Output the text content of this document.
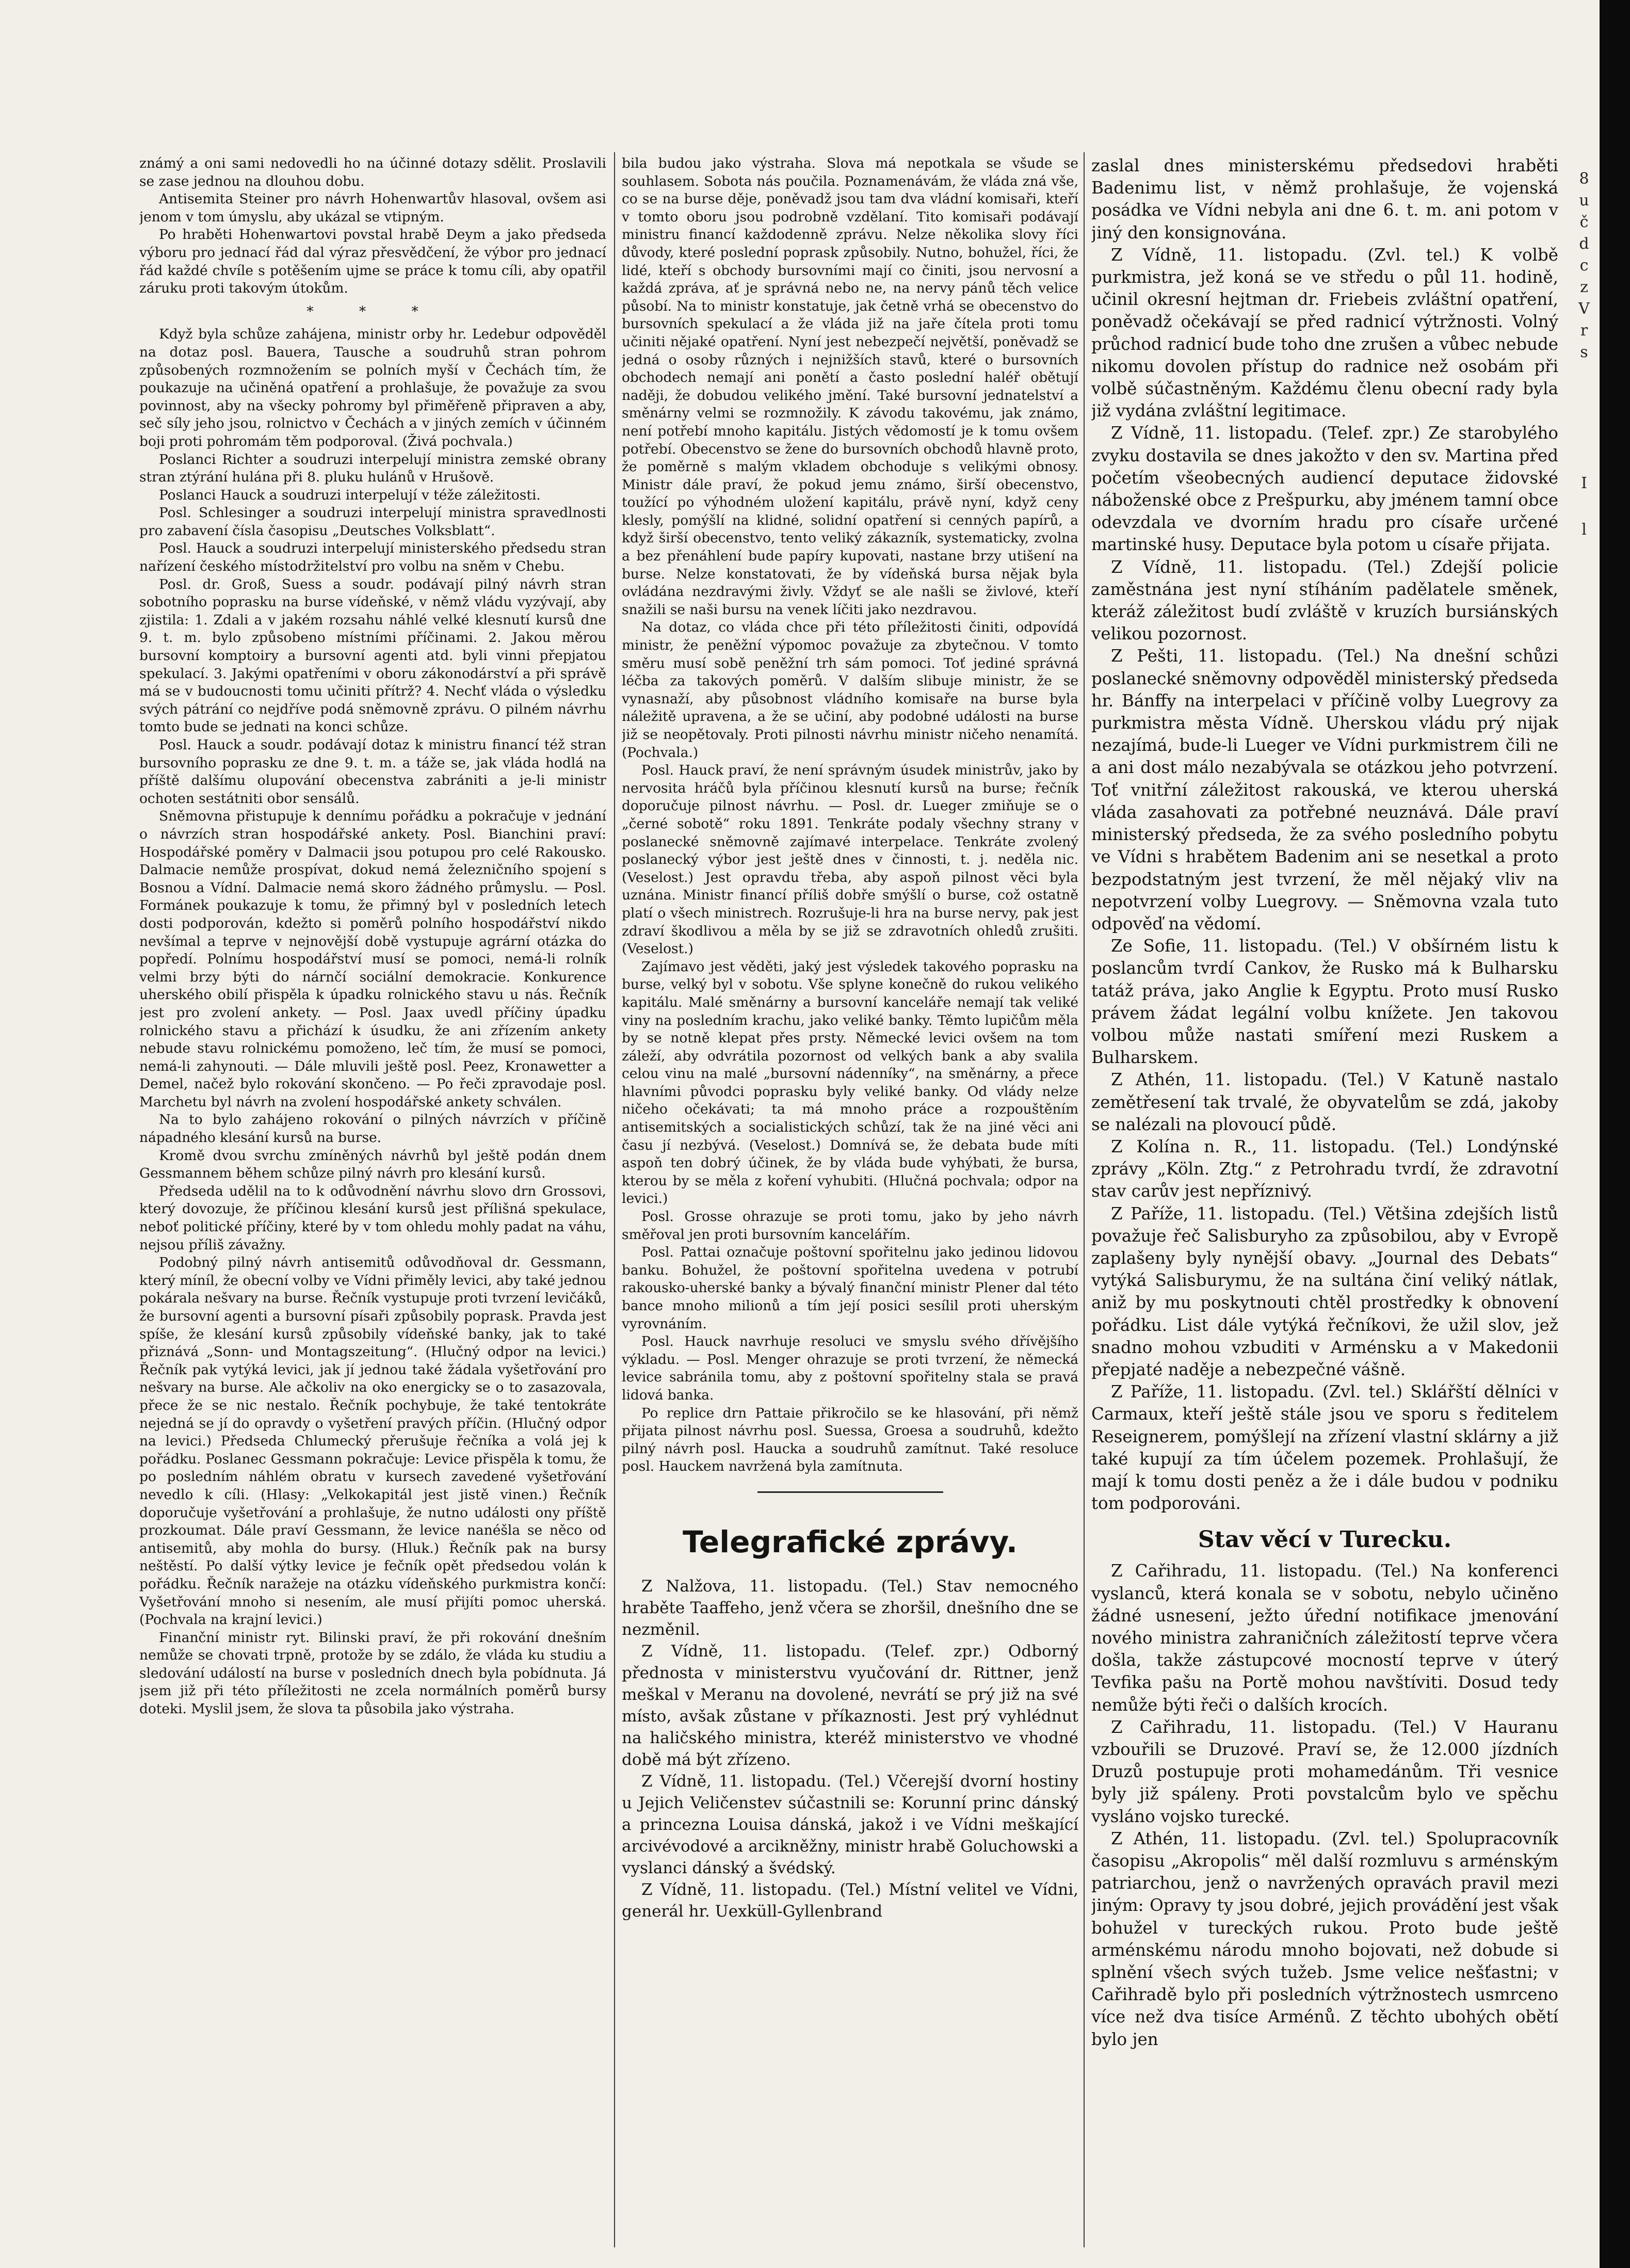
známý a oni sami nedovedli ho na účinné dotazy sdělit. Proslavili se zase jednou na dlouhou dobu.

Antisemita Steiner pro návrh Hohenwartův hlasoval, ovšem asi jenom v tom úmyslu, aby ukázal se vtipným.

Po hraběti Hohenwartovi povstal hrabě Deym a jako předseda výboru pro jednací řád dal výraz přesvědčení, že výbor pro jednací řád každé chvíle s potěšením ujme se práce k tomu cíli, aby opatřil záruku proti takovým útokům.

* * *

Když byla schůze zahájena, ministr orby hr. Ledebur odpověděl na dotaz posl. Bauera, Tausche a soudruhů stran pohrom způsobených rozmnožením se polních myší v Čechách tím, že poukazuje na učiněná opatření a prohlašuje, že považuje za svou povinnost, aby na všecky pohromy byl přiměřeně připraven a aby, seč síly jeho jsou, rolnictvo v Čechách a v jiných zemích v účinném boji proti pohromám těm podporoval. (Živá pochvala.)

Poslanci Richter a soudruzi interpelují ministra zemské obrany stran ztýrání hulána při 8. pluku hulánů v Hrušově.

Poslanci Hauck a soudruzi interpelují v téže záležitosti.

Posl. Schlesinger a soudruzi interpelují ministra spravedlnosti pro zabavení čísla časopisu „Deutsches Volksblatt“.

Posl. Hauck a soudruzi interpelují ministerského předsedu stran nařízení českého místodržitelství pro volbu na sněm v Chebu.

Posl. dr. Groß, Suess a soudr. podávají pilný návrh stran sobotního poprasku na burse vídeňské, v němž vládu vyzývají, aby zjistila: 1. Zdali a v jakém rozsahu náhlé velké klesnutí kursů dne 9. t. m. bylo způsobeno místními příčinami. 2. Jakou měrou bursovní komptoiry a bursovní agenti atd. byli vinni přepjatou spekulací. 3. Jakými opatřeními v oboru zákonodárství a při správě má se v budoucnosti tomu učiniti přítrž? 4. Nechť vláda o výsledku svých pátrání co nejdříve podá sněmovně zprávu. O pilném návrhu tomto bude se jednati na konci schůze.

Posl. Hauck a soudr. podávají dotaz k ministru financí též stran bursovního poprasku ze dne 9. t. m. a táže se, jak vláda hodlá na příště dalšímu olupování obecenstva zabrániti a je-li ministr ochoten sestátniti obor sensálů.

Sněmovna přistupuje k dennímu pořádku a pokračuje v jednání o návrzích stran hospodářské ankety. Posl. Bianchini praví: Hospodářské poměry v Dalmacii jsou potupou pro celé Rakousko. Dalmacie nemůže prospívat, dokud nemá železničního spojení s Bosnou a Vídní. Dalmacie nemá skoro žádného průmyslu. — Posl. Formánek poukazuje k tomu, že přimný byl v posledních letech dosti podporován, kdežto si poměrů polního hospodářství nikdo nevšímal a teprve v nejnovější době vystupuje agrární otázka do popředí. Polnímu hospodářství musí se pomoci, nemá-li rolník velmi brzy býti do nárnčí sociální demokracie. Konkurence uherského obilí přispěla k úpadku rolnického stavu u nás. Řečník jest pro zvolení ankety. — Posl. Jaax uvedl příčiny úpadku rolnického stavu a přichází k úsudku, že ani zřízením ankety nebude stavu rolnickému pomoženo, leč tím, že musí se pomoci, nemá-li zahynouti. — Dále mluvili ještě posl. Peez, Kronawetter a Demel, načež bylo rokování skončeno. — Po řeči zpravodaje posl. Marchetu byl návrh na zvolení hospodářské ankety schválen.

Na to bylo zahájeno rokování o pilných návrzích v příčině nápadného klesání kursů na burse.

Kromě dvou svrchu zmíněných návrhů byl ještě podán dnem Gessmannem během schůze pilný návrh pro klesání kursů.

Předseda udělil na to k odůvodnění návrhu slovo drn Grossovi, který dovozuje, že příčinou klesání kursů jest přílišná spekulace, neboť politické příčiny, které by v tom ohledu mohly padat na váhu, nejsou příliš závažny.

Podobný pilný návrh antisemitů odůvodňoval dr. Gessmann, který míníl, že obecní volby ve Vídni přiměly levici, aby také jednou pokárala nešvary na burse. Řečník vystupuje proti tvrzení levičáků, že bursovní agenti a bursovní písaři způsobily poprask. Pravda jest spíše, že klesání kursů způsobily vídeňské banky, jak to také přiznává „Sonn- und Montagszeitung“. (Hlučný odpor na levici.) Řečník pak vytýká levici, jak jí jednou také žádala vyšetřování pro nešvary na burse. Ale ačkoliv na oko energicky se o to zasazovala, přece že se nic nestalo. Řečník pochybuje, že také tentokráte nejedná se jí do opravdy o vyšetření pravých příčin. (Hlučný odpor na levici.) Předseda Chlumecký přerušuje řečníka a volá jej k pořádku. Poslanec Gessmann pokračuje: Levice přispěla k tomu, že po posledním náhlém obratu v kursech zavedené vyšetřování nevedlo k cíli. (Hlasy: „Velkokapitál jest jistě vinen.) Řečník doporučuje vyšetřování a prohlašuje, že nutno události ony příště prozkoumat. Dále praví Gessmann, že levice nanéšla se něco od antisemitů, aby mohla do bursy. (Hluk.) Řečník pak na bursy neštěstí. Po další výtky levice je fečník opět předsedou volán k pořádku. Řečník naražeje na otázku vídeňského purkmistra končí: Vyšetřování mnoho si nesením, ale musí přijíti pomoc uherská. (Pochvala na krajní levici.)

Finanční ministr ryt. Bilinski praví, že při rokování dnešním nemůže se chovati trpně, protože by se zdálo, že vláda ku studiu a sledování událostí na burse v posledních dnech byla pobídnuta. Já jsem již při této příležitosti ne zcela normálních poměrů bursy doteki. Myslil jsem, že slova ta působila jako výstraha.

bila budou jako výstraha. Slova má nepotkala se všude se souhlasem. Sobota nás poučila. Poznamenávám, že vláda zná vše, co se na burse děje, poněvadž jsou tam dva vládní komisaři, kteří v tomto oboru jsou podrobně vzdělaní. Tito komisaři podávají ministru financí každodenně zprávu. Nelze několika slovy říci důvody, které poslední poprask způsobily. Nutno, bohužel, říci, že lidé, kteří s obchody bursovními mají co činiti, jsou nervosní a každá zpráva, ať je správná nebo ne, na nervy pánů těch velice působí. Na to ministr konstatuje, jak četně vrhá se obecenstvo do bursovních spekulací a že vláda již na jaře čítela proti tomu učiniti nějaké opatření. Nyní jest nebezpečí největší, poněvadž se jedná o osoby různých i nejnižších stavů, které o bursovních obchodech nemají ani ponětí a často poslední haléř obětují naději, že dobudou velikého jmění. Také bursovní jednatelství a směnárny velmi se rozmnožily. K závodu takovému, jak známo, není potřebí mnoho kapitálu. Jistých vědomostí je k tomu ovšem potřebí. Obecenstvo se žene do bursovních obchodů hlavně proto, že poměrně s malým vkladem obchoduje s velikými obnosy. Ministr dále praví, že pokud jemu známo, širší obecenstvo, toužící po výhodném uložení kapitálu, právě nyní, když ceny klesly, pomýšlí na klidné, solidní opatření si cenných papírů, a když širší obecenstvo, tento veliký zákazník, systematicky, zvolna a bez přenáhlení bude papíry kupovati, nastane brzy utišení na burse. Nelze konstatovati, že by vídeňská bursa nějak byla ovládána nezdravými živly. Vždyť se ale našli se živlové, kteří snažili se naši bursu na venek líčiti jako nezdravou.

Na dotaz, co vláda chce při této příležitosti činiti, odpovídá ministr, že peněžní výpomoc považuje za zbytečnou. V tomto směru musí sobě peněžní trh sám pomoci. Toť jediné správná léčba za takových poměrů. V dalším slibuje ministr, že se vynasnaží, aby působnost vládního komisaře na burse byla náležitě upravena, a že se učiní, aby podobné události na burse již se neopětovaly. Proti pilnosti návrhu ministr ničeho nenamítá. (Pochvala.)

Posl. Hauck praví, že není správným úsudek ministrův, jako by nervosita hráčů byla příčinou klesnutí kursů na burse; řečník doporučuje pilnost návrhu. — Posl. dr. Lueger zmiňuje se o „černé sobotě“ roku 1891. Tenkráte podaly všechny strany v poslanecké sněmovně zajímavé interpelace. Tenkráte zvolený poslanecký výbor jest ještě dnes v činnosti, t. j. neděla nic. (Veselost.) Jest opravdu třeba, aby aspoň pilnost věci byla uznána. Ministr financí příliš dobře smýšlí o burse, což ostatně platí o všech ministrech. Rozrušuje-li hra na burse nervy, pak jest zdraví škodlivou a měla by se již se zdravotních ohledů zrušiti. (Veselost.)

Zajímavo jest věděti, jaký jest výsledek takového poprasku na burse, velký byl v sobotu. Vše splyne konečně do rukou velikého kapitálu. Malé směnárny a bursovní kanceláře nemají tak veliké viny na posledním krachu, jako veliké banky. Těmto lupičům měla by se notně klepat přes prsty. Německé levici ovšem na tom záleží, aby odvrátila pozornost od velkých bank a aby svalila celou vinu na malé „bursovní nádenníky“, na směnárny, a přece hlavními původci poprasku byly veliké banky. Od vlády nelze ničeho očekávati; ta má mnoho práce a rozpouštěním antisemitských a socialistických schůzí, tak že na jiné věci ani času jí nezbývá. (Veselost.) Domnívá se, že debata bude míti aspoň ten dobrý účinek, že by vláda bude vyhýbati, že bursa, kterou by se měla z koření vyhubiti. (Hlučná pochvala; odpor na levici.)

Posl. Grosse ohrazuje se proti tomu, jako by jeho návrh směřoval jen proti bursovním kancelářím.

Posl. Pattai označuje poštovní spořitelnu jako jedinou lidovou banku. Bohužel, že poštovní spořitelna uvedena v potrubí rakousko-uherské banky a bývalý finanční ministr Plener dal této bance mnoho milionů a tím její posici sesílil proti uherským vyrovnáním.

Posl. Hauck navrhuje resoluci ve smyslu svého dřívějšího výkladu. — Posl. Menger ohrazuje se proti tvrzení, že německá levice sabránila tomu, aby z poštovní spořitelny stala se pravá lidová banka.

Po replice drn Pattaie přikročilo se ke hlasování, při němž přijata pilnost návrhu posl. Suessa, Groesa a soudruhů, kdežto pilný návrh posl. Haucka a soudruhů zamítnut. Také resoluce posl. Hauckem navržená byla zamítnuta.

Telegrafické zprávy.

Z Nalžova, 11. listopadu. (Tel.) Stav nemocného hraběte Taaffeho, jenž včera se zhoršil, dnešního dne se nezměnil.

Z Vídně, 11. listopadu. (Telef. zpr.) Odborný přednosta v ministerstvu vyučování dr. Rittner, jenž meškal v Meranu na dovolené, nevrátí se prý již na své místo, avšak zůstane v příkaznosti. Jest prý vyhlédnut na haličského ministra, kteréž ministerstvo ve vhodné době má být zřízeno.

Z Vídně, 11. listopadu. (Tel.) Včerejší dvorní hostiny u Jejich Veličenstev súčastnili se: Korunní princ dánský a princezna Louisa dánská, jakož i ve Vídni meškající arcivévodové a arcikněžny, ministr hrabě Goluchowski a vyslanci dánský a švédský.

Z Vídně, 11. listopadu. (Tel.) Místní velitel ve Vídni, generál hr. Uexküll-Gyllenbrand

zaslal dnes ministerskému předsedovi hraběti Badenimu list, v němž prohlašuje, že vojenská posádka ve Vídni nebyla ani dne 6. t. m. ani potom v jiný den konsignována.

Z Vídně, 11. listopadu. (Zvl. tel.) K volbě purkmistra, jež koná se ve středu o půl 11. hodině, učinil okresní hejtman dr. Friebeis zvláštní opatření, poněvadž očekávají se před radnicí výtržnosti. Volný průchod radnicí bude toho dne zrušen a vůbec nebude nikomu dovolen přístup do radnice než osobám při volbě súčastněným. Každému členu obecní rady byla již vydána zvláštní legitimace.

Z Vídně, 11. listopadu. (Telef. zpr.) Ze starobylého zvyku dostavila se dnes jakožto v den sv. Martina před početím všeobecných audiencí deputace židovské náboženské obce z Prešpurku, aby jménem tamní obce odevzdala ve dvorním hradu pro císaře určené martinské husy. Deputace byla potom u císaře přijata.

Z Vídně, 11. listopadu. (Tel.) Zdejší policie zaměstnána jest nyní stíháním padělatele směnek, kteráž záležitost budí zvláště v kruzích bursiánských velikou pozornost.

Z Pešti, 11. listopadu. (Tel.) Na dnešní schůzi poslanecké sněmovny odpověděl ministerský předseda hr. Bánffy na interpelaci v příčině volby Luegrovy za purkmistra města Vídně. Uherskou vládu prý nijak nezajímá, bude-li Lueger ve Vídni purkmistrem čili ne a ani dost málo nezabývala se otázkou jeho potvrzení. Toť vnitřní záležitost rakouská, ve kterou uherská vláda zasahovati za potřebné neuznává. Dále praví ministerský předseda, že za svého posledního pobytu ve Vídni s hrabětem Badenim ani se nesetkal a proto bezpodstatným jest tvrzení, že měl nějaký vliv na nepotvrzení volby Luegrovy. — Sněmovna vzala tuto odpověď na vědomí.

Ze Sofie, 11. listopadu. (Tel.) V obšírném listu k poslancům tvrdí Cankov, že Rusko má k Bulharsku tatáž práva, jako Anglie k Egyptu. Proto musí Rusko právem žádat legální volbu knížete. Jen takovou volbou může nastati smíření mezi Ruskem a Bulharskem.

Z Athén, 11. listopadu. (Tel.) V Katuně nastalo zemětřesení tak trvalé, že obyvatelům se zdá, jakoby se nalézali na plovoucí půdě.

Z Kolína n. R., 11. listopadu. (Tel.) Londýnské zprávy „Köln. Ztg.“ z Petrohradu tvrdí, že zdravotní stav carův jest nepříznivý.

Z Paříže, 11. listopadu. (Tel.) Většina zdejších listů považuje řeč Salisburyho za způsobilou, aby v Evropě zaplašeny byly nynější obavy. „Journal des Debats“ vytýká Salisburymu, že na sultána činí veliký nátlak, aniž by mu poskytnouti chtěl prostředky k obnovení pořádku. List dále vytýká řečníkovi, že užil slov, jež snadno mohou vzbuditi v Arménsku a v Makedonii přepjaté naděje a nebezpečné vášně.

Z Paříže, 11. listopadu. (Zvl. tel.) Sklářští dělníci v Carmaux, kteří ještě stále jsou ve sporu s ředitelem Reseignerem, pomýšlejí na zřízení vlastní sklárny a již také kupují za tím účelem pozemek. Prohlašují, že mají k tomu dosti peněz a že i dále budou v podniku tom podporováni.

Stav věcí v Turecku.

Z Cařihradu, 11. listopadu. (Tel.) Na konferenci vyslanců, která konala se v sobotu, nebylo učiněno žádné usnesení, ježto úřední notifikace jmenování nového ministra zahraničních záležitostí teprve včera došla, takže zástupcové mocností teprve v úterý Tevfika pašu na Portě mohou navštíviti. Dosud tedy nemůže býti řeči o dalších krocích.

Z Cařihradu, 11. listopadu. (Tel.) V Hauranu vzbouřili se Druzové. Praví se, že 12.000 jízdních Druzů postupuje proti mohamedánům. Tři vesnice byly již spáleny. Proti povstalcům bylo ve spěchu vysláno vojsko turecké.

Z Athén, 11. listopadu. (Zvl. tel.) Spolupracovník časopisu „Akropolis“ měl další rozmluvu s arménským patriarchou, jenž o navržených opravách pravil mezi jiným: Opravy ty jsou dobré, jejich provádění jest však bohužel v tureckých rukou. Proto bude ještě arménskému národu mnoho bojovati, než dobude si splnění všech svých tužeb. Jsme velice nešťastni; v Cařihradě bylo při posledních výtržnostech usmrceno více než dva tisíce Arménů. Z těchto ubohých obětí bylo jen

8
u
č
d
c
z
V
r
s
I
l
